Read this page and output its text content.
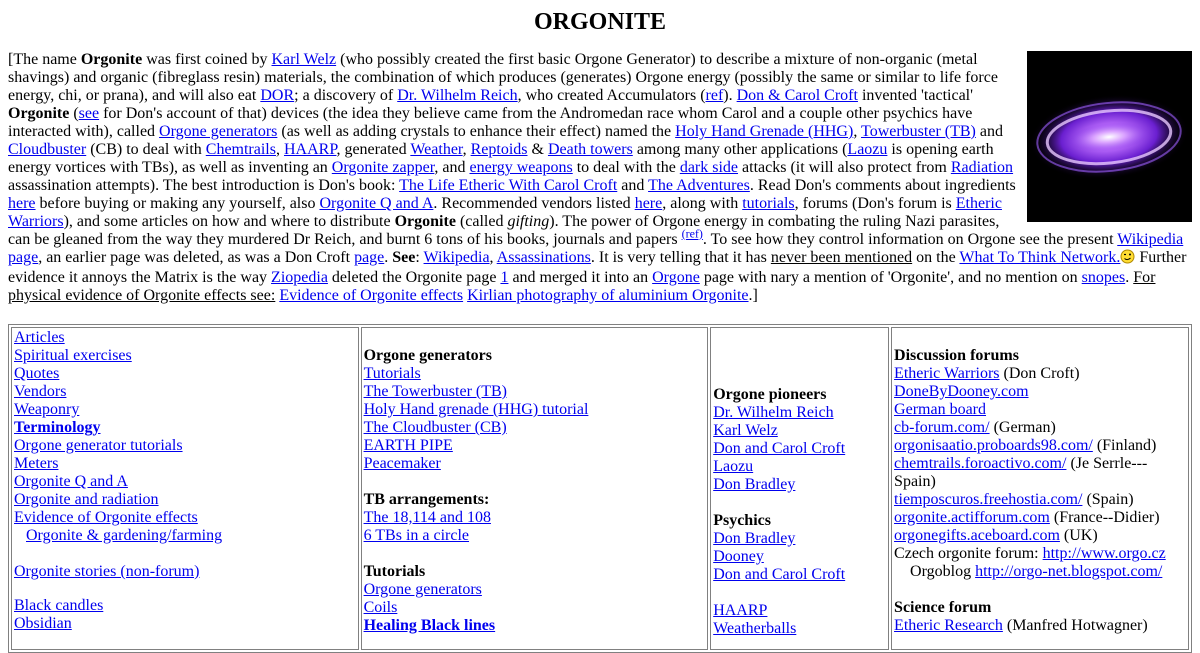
ORGONITE

[The name Orgonite was first coined by Karl Welz (who possibly created the first basic Orgone Generator) to describe a mixture of non-organic (metal shavings) and organic (fibreglass resin) materials, the combination of which produces (generates) Orgone energy (possibly the same or similar to life force energy, chi, or prana), and will also eat DOR; a discovery of Dr. Wilhelm Reich, who created Accumulators (ref). Don & Carol Croft invented 'tactical' Orgonite (see for Don's account of that) devices (the idea they believe came from the Andromedan race whom Carol and a couple other psychics have interacted with), called Orgone generators (as well as adding crystals to enhance their effect) named the Holy Hand Grenade (HHG), Towerbuster (TB) and Cloudbuster (CB) to deal with Chemtrails, HAARP, generated Weather, Reptoids & Death towers among many other applications (Laozu is opening earth energy vortices with TBs), as well as inventing an Orgonite zapper, and energy weapons to deal with the dark side attacks (it will also protect from Radiation assassination attempts). The best introduction is Don's book: The Life Etheric With Carol Croft and The Adventures. Read Don's comments about ingredients here before buying or making any yourself, also Orgonite Q and A. Recommended vendors listed here, along with tutorials, forums (Don's forum is Etheric Warriors), and some articles on how and where to distribute Orgonite (called gifting). The power of Orgone energy in combating the ruling Nazi parasites, can be gleaned from the way they murdered Dr Reich, and burnt 6 tons of his books, journals and papers $^{(ref)}$. To see how they control information on Orgone see the present Wikipedia page, an earlier page was deleted, as was a Don Croft page. See: Wikipedia, Assassinations. It is very telling that it has never been mentioned on the What To Think Network. Further evidence it annoys the Matrix is the way Ziopedia deleted the Orgonite page 1 and merged it into an Orgone page with nary a mention of 'Orgonite', and no mention on snopes. For physical evidence of Orgonite effects see: Evidence of Orgonite effects Kirlian photography of aluminium Orgonite.]

Articles
Spiritual exercises
Quotes
Vendors
Weaponry
Terminology
Orgone generator tutorials
Meters
Orgonite Q and A
Orgonite and radiation
Evidence of Orgonite effects
Orgonite & gardening/farming
Orgonite stories (non-forum)
Black candles
Obsidian

Orgone generators
Tutorials
The Towerbuster (TB)
Holy Hand grenade (HHG) tutorial
The Cloudbuster (CB)
EARTH PIPE
Peacemaker
TB arrangements:
The 18,114 and 108
6 TBs in a circle
Tutorials
Orgone generators
Coils
Healing Black lines

Orgone pioneers
Dr. Wilhelm Reich
Karl Welz
Don and Carol Croft
Laozu
Don Bradley
Psychics
Don Bradley
Dooney
Don and Carol Croft
HAARP
Weatherballs

Discussion forums
Etheric Warriors (Don Croft)
DoneByDooney.com
German board
cb-forum.com/ (German)
orgonisaatio.proboards98.com/ (Finland)
chemtrails.foroactivo.com/ (Je Serrle---Spain)
tiemposcuros.freehostia.com/ (Spain)
orgonite.actifforum.com (France--Didier)
orgonegifts.aceboard.com (UK)
Czech orgonite forum: http://www.orgo.cz
Orgoblog http://orgo-net.blogspot.com/
Science forum
Etheric Research (Manfred Hotwagner)
